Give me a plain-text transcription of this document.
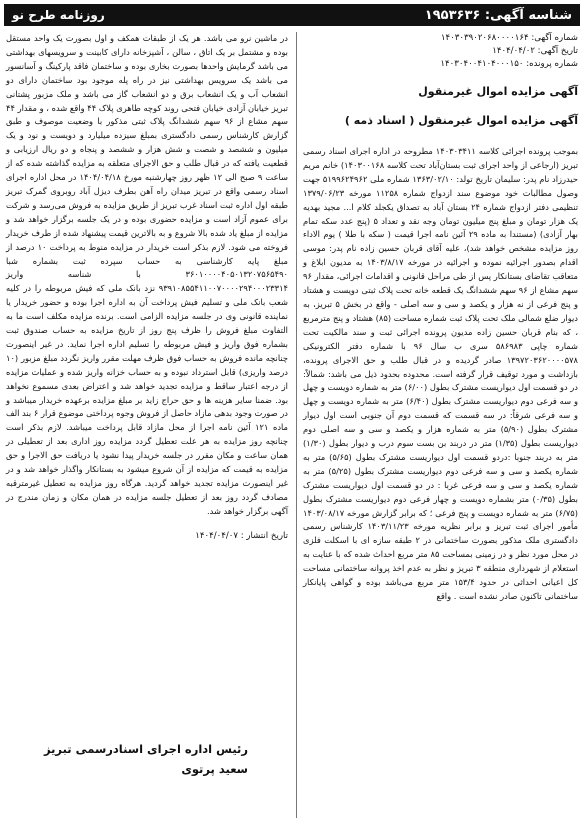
شناسه آگهی: ۱۹۵۳۶۳۶
روزنامه طرح نو
شماره آگهی: ۱۴۰۳۰۳۹۰۲۰۶۸۰۰۰۰۱۶۴
تاریخ آگهی: ۱۴۰۴/۰۴/۰۲
شماره پرونده: ۱۴۰۳۰۴۰۰۴۱۰۴۰۰۰۱۵۰
آگهی مزایده اموال غیرمنقول
آگهی مزایده اموال غیرمنقول ( اسناد ذمه )
بموجب پرونده اجرائی کلاسه ۱۴۰۳۰۳۴۱۱ مطروحه در اداره اجرای اسناد رسمی تبریز (ارجاعی از واحد اجرای ثبت بستان‌آباد تحت کلاسه ۱۴۰۳۰۰۱۶۸) خانم مریم حیدرزاد نام پدر: سلیمان تاریخ تولد: ۱۳۶۳/۰۲/۱۰ شماره ملی ۵۱۹۹۶۲۴۹۶۲ جهت وصول مطالبات خود موضوع سند ازدواج شماره ۱۱۲۵۸ مورخه ۱۳۷۹/۰۶/۲۳ تنظیمی دفتر ازدواج شماره ۲۴ بستان آباد به تصداق یکجلد کلام ا... مجید بهدیه یک هزار تومان و مبلغ پنج میلیون تومان وجه نقد و تعداد ۵ (پنج عدد سکه تمام بهار آزادی) (مستندا به ماده ۲۹ آئین نامه اجرا قیمت ( سکه با طلا ) یوم الاداء روز مزایده مشخص خواهد شد)، علیه آقای قربان حسین زاده نام پدر: موسی اقدام بصدور اجرائیه نموده و اجرائیه در مورخه ۱۴۰۳/۸/۱۷ به مدیون ابلاغ و متعاقب تقاضای بستانکار پس از طی مراحل قانونی و اقدامات اجرائی، مقدار ۹۶ سهم مشاع از ۹۶ سهم ششدانگ یک قطعه خانه تحت پلاک ثبتی دویست و هشتاد و پنج فرعی از نه هزار و یکصد و سی و سه اصلی - واقع در بخش ۵ تبریز، به دیوار ضلع شمالی ملک تحت پلاک ثبت شماره مساحت (۸۵) هشتاد و پنج مترمربع ، که بنام قربان حسین زاده مدیون پرونده اجرائی ثبت و سند مالکیت تحت شماره چاپی ۵۸۶۹۸۳ سری ب سال ۹۶ با شماره دفتر الکترونیکی ۱۳۹۷۲۰۳۶۲۰۰۰۰۵۷۸ صادر گردیده و در قبال طلب و حق الاجرای پرونده، بازداشت و مورد توقیف قرار گرفته است. محدوده بحدود ذیل می باشد: شمالاً: در دو قسمت اول دیواریست مشترک بطول (۶/۰۰) متر به شماره دویست و چهل و سه فرعی دوم دیواریست مشترک بطول (۶/۴۰) متر به شماره دویست و چهل و سه فرعی شرقاً: در سه قسمت که قسمت دوم آن جنوبی است اول دیوار مشترک بطول (۵/۹۰) متر به شماره هزار و یکصد و سی و سه اصلی دوم دیواریست بطول (۱/۳۵) متر در دربند بن بست سوم درب و دیوار بطول (۱/۳۰) متر به دربند جنوبا :دردو قسمت اول دیواریست مشترک بطول (۵/۶۵) متر به شماره یکصد و سی و سه فرعی دوم دیواریست مشترک بطول (۵/۲۵) متر به شماره یکصد و سی و سه فرعی غربا : در دو قسمت اول دیواریست مشترک بطول (۰/۳۵) متر بشماره دویست و چهار فرعی دوم دیواریست مشترک بطول (۶/۷۵) متر به شماره دویست و پنج فرعی ؛ که برابر گزارش مورخه ۱۴۰۳/۰۸/۱۷ مأمور اجرای ثبت تبریز و برابر نظریه مورخه ۱۴۰۳/۱۱/۲۳ کارشناس رسمی دادگستری ملک مذکور بصورت ساختمانی در ۲ طبقه سازه ای با اسکلت فلزی در محل مورد نظر و در زمینی بمساحت ۸۵ متر مربع احداث شده که با عنایت به استعلام از شهرداری منطقه ۳ تبریز و نظر به عدم اخذ پروانه ساختمانی مساحت کل اعیانی احداثی در حدود ۱۵۳/۴ متر مربع می‌باشد بوده و گواهی پایانکار ساختمانی تاکنون صادر نشده است . واقع
در ماشین نرو می باشد. هر یک از طبقات همکف و اول بصورت یک واحد مستقل بوده و مشتمل بر یک اتاق ، سالن ، آشپزخانه دارای کابینت و سرویسهای بهداشتی می باشد گرمایش واحدها بصورت بخاری بوده و ساختمان فاقد پارکینگ و آسانسور می باشد یک سرویس بهداشتی نیز در راه پله موجود بود ساختمان دارای دو انشعاب آب و یک انشعاب برق و دو انشعاب گاز می باشد و ملک مزبور پشتانی تبریز خیابان آزادی خیابان فتحی روند کوچه طاهری پلاک ۴۴ واقع شده ، و مقدار ۴۴ سهم مشاع از ۹۶ سهم ششدانگ پلاک ثبتی مذکور با وضعیت موصوف و طبق گزارش کارشناس رسمی دادگستری بمبلغ سیزده میلیارد و دویست و نود و یک میلیون و ششصد و شصت و شش هزار و ششصد و پنجاه و دو ریال ارزیابی و قطعیت یافته که در قبال طلب و حق الاجرای متعلقه به مزایده گذاشته شده که از ساعت ۹ صبح الی ۱۲ ظهر روز چهارشنبه مورخ ۱۴۰۴/۰۴/۱۸ در محل اداره اجرای اسناد رسمی واقع در تبریز میدان راه آهن بطرف دیزل آباد روبروی گمرک تبریز طبقه اول اداره ثبت اسناد غرب تبریز از طریق مزایده به فروش می‌رسد و شرکت برای عموم آزاد است و مزایده حضوری بوده و در یک جلسه برگزار خواهد شد و مزایده از مبلغ یاد شده بالا شروع و به بالاترین قیمت پیشنهاد شده از طرف خریدار فروخته می شود. لازم بذکر است خریدار در مزایده منوط به پرداخت ۱۰ درصد از مبلغ پایه کارشناسی به حساب سپرده ثبت بشماره شبا ۳۶۰۱۰۰۰۰۴۰۵۰۱۳۲۰۷۵۶۵۴۹۰ با شناسه واریز ۹۳۹۱۰۸۵۵۴۱۱۰۰۷۰۰۰۰۲۹۴۰۰۰۲۳۳۱۴ نزد بانک ملی که فیش مربوطه را در کلیه شعب بانک ملی و تسلیم فیش پرداخت آن به اداره اجرا بوده و حضور خریدار یا نماینده قانونی وی در جلسه مزایده الزامی است. برنده مزایده مکلف است ما به التفاوت مبلغ فروش را ظرف پنج روز از تاریخ مزایده به حساب صندوق ثبت بشماره فوق واریز و فیش مربوطه را تسلیم اداره اجرا نماید. در غیر اینصورت چنانچه مانده فروش به حساب فوق ظرف مهلت مقرر واریز نگردد مبلغ مزبور (۱۰ درصد واریزی) قابل استرداد نبوده و به حساب خزانه واریز شده و عملیات مزایده از درجه اعتبار ساقط و مزایده تجدید خواهد شد و اعتراض بعدی مسموع نخواهد بود. ضمنا سایر هزینه ها و حق حراج زاید بر مبلغ مزایده برعهده خریدار میباشد و در صورت وجود بدهی مازاد حاصل از فروش وجوه پرداختی موضوع قرار ۶ بند الف ماده ۱۲۱ آئین نامه اجرا از محل مازاد قابل پرداخت میباشد. لازم بذکر است چنانچه روز مزایده به هر علت تعطیل گردد مزایده روز اداری بعد از تعطیلی در همان ساعت و مکان مقرر در جلسه خریدار پیدا نشود یا دریافت حق الاجرا و حق مزایده به قیمت که مزایده از آن شروع میشود به بستانکار واگذار خواهد شد و در غیر اینصورت مزایده تجدید خواهد گردید. هرگاه روز مزایده به تعطیل غیرمترقبه مصادف گردد روز بعد از تعطیل جلسه مزایده در همان مکان و زمان مندرج در آگهی برگزار خواهد شد.
تاریخ انتشار : ۱۴۰۴/۰۴/۰۷
رئیس اداره اجرای اسنادرسمی تبریز
سعید پرتوی
